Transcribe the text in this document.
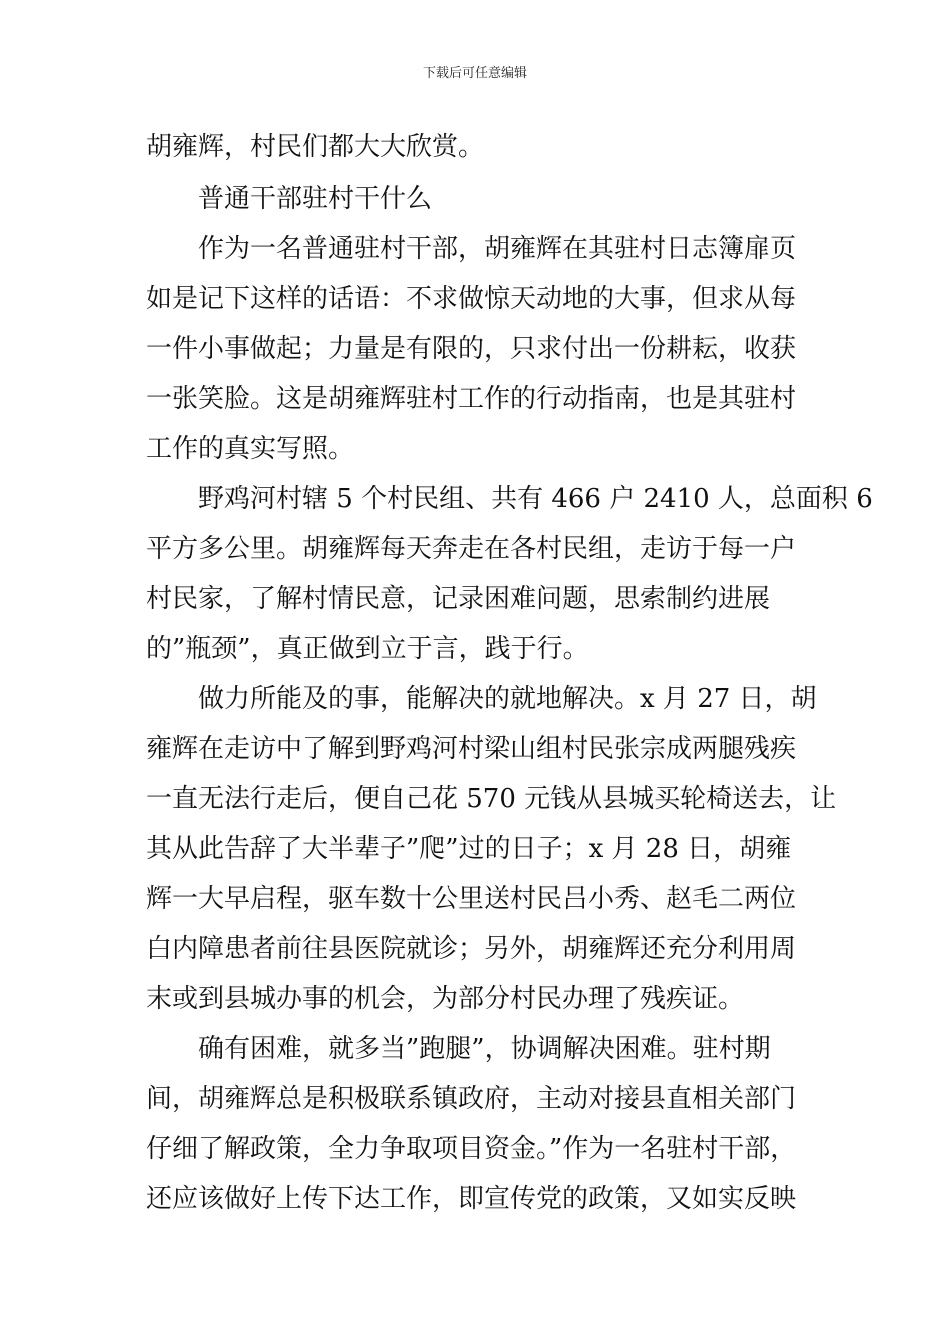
下载后可任意编辑
胡雍辉，村民们都大大欣赏。
普通干部驻村干什么
作为一名普通驻村干部，胡雍辉在其驻村日志簿扉页
如是记下这样的话语：不求做惊天动地的大事，但求从每
一件小事做起；力量是有限的，只求付出一份耕耘，收获
一张笑脸。这是胡雍辉驻村工作的行动指南，也是其驻村
工作的真实写照。
野鸡河村辖 5 个村民组、共有 466 户 2410 人，总面积 6
平方多公里。胡雍辉每天奔走在各村民组，走访于每一户
村民家，了解村情民意，记录困难问题，思索制约进展
的”瓶颈”，真正做到立于言，践于行。
做力所能及的事，能解决的就地解决。x 月 27 日，胡
雍辉在走访中了解到野鸡河村梁山组村民张宗成两腿残疾
一直无法行走后，便自己花 570 元钱从县城买轮椅送去，让
其从此告辞了大半辈子”爬”过的日子；x 月 28 日，胡雍
辉一大早启程，驱车数十公里送村民吕小秀、赵毛二两位
白内障患者前往县医院就诊；另外，胡雍辉还充分利用周
末或到县城办事的机会，为部分村民办理了残疾证。
确有困难，就多当”跑腿”，协调解决困难。驻村期
间，胡雍辉总是积极联系镇政府，主动对接县直相关部门
仔细了解政策，全力争取项目资金。”作为一名驻村干部，
还应该做好上传下达工作，即宣传党的政策，又如实反映
